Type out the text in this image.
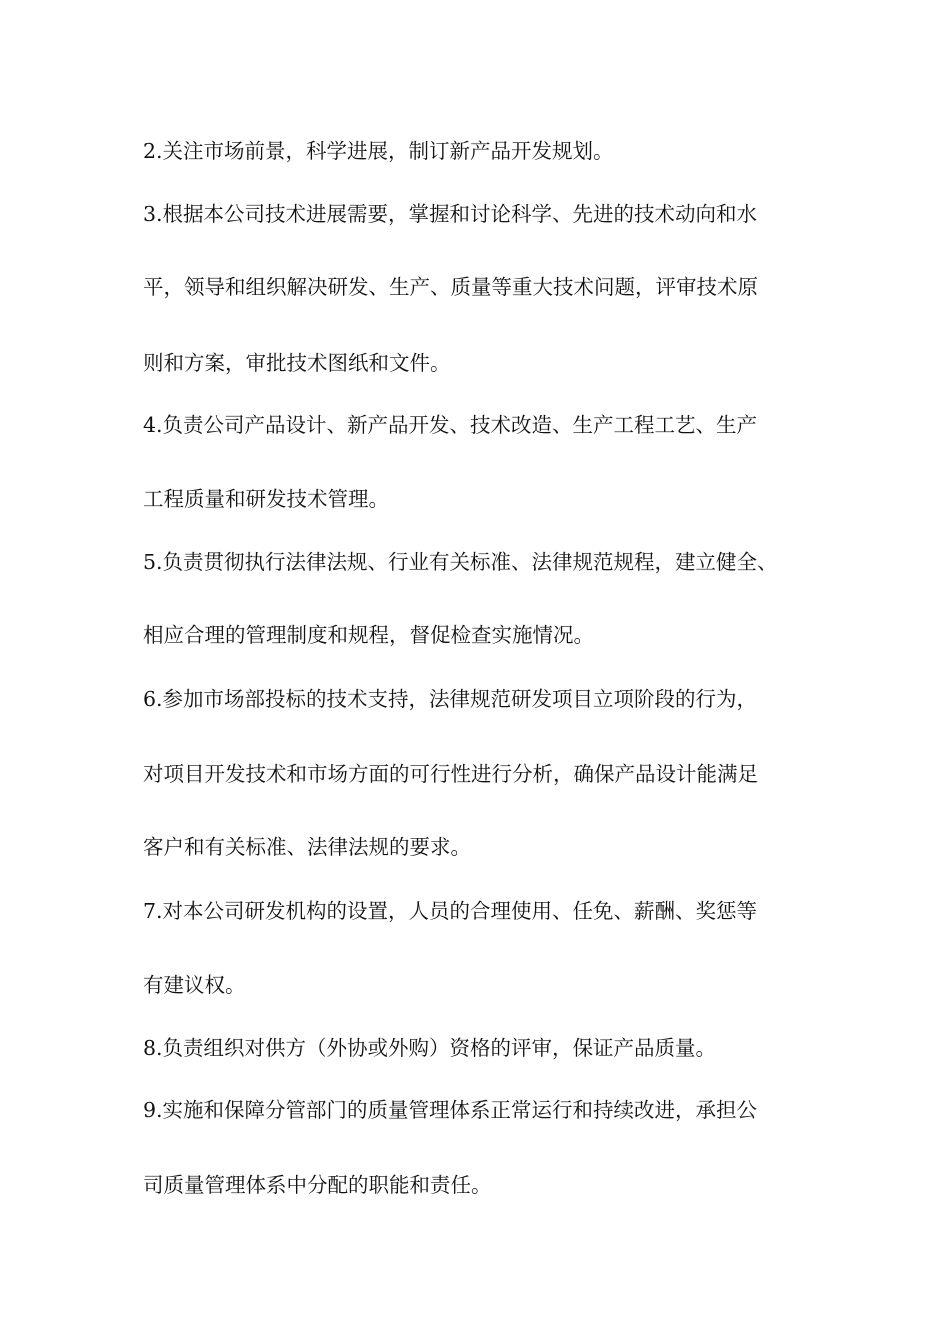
2.关注市场前景，科学进展，制订新产品开发规划。
3.根据本公司技术进展需要，掌握和讨论科学、先进的技术动向和水
平，领导和组织解决研发、生产、质量等重大技术问题，评审技术原
则和方案，审批技术图纸和文件。
4.负责公司产品设计、新产品开发、技术改造、生产工程工艺、生产
工程质量和研发技术管理。
5.负责贯彻执行法律法规、行业有关标准、法律规范规程，建立健全、
相应合理的管理制度和规程，督促检查实施情况。
6.参加市场部投标的技术支持，法律规范研发项目立项阶段的行为，
对项目开发技术和市场方面的可行性进行分析，确保产品设计能满足
客户和有关标准、法律法规的要求。
7.对本公司研发机构的设置，人员的合理使用、任免、薪酬、奖惩等
有建议权。
8.负责组织对供方（外协或外购）资格的评审，保证产品质量。
9.实施和保障分管部门的质量管理体系正常运行和持续改进，承担公
司质量管理体系中分配的职能和责任。
